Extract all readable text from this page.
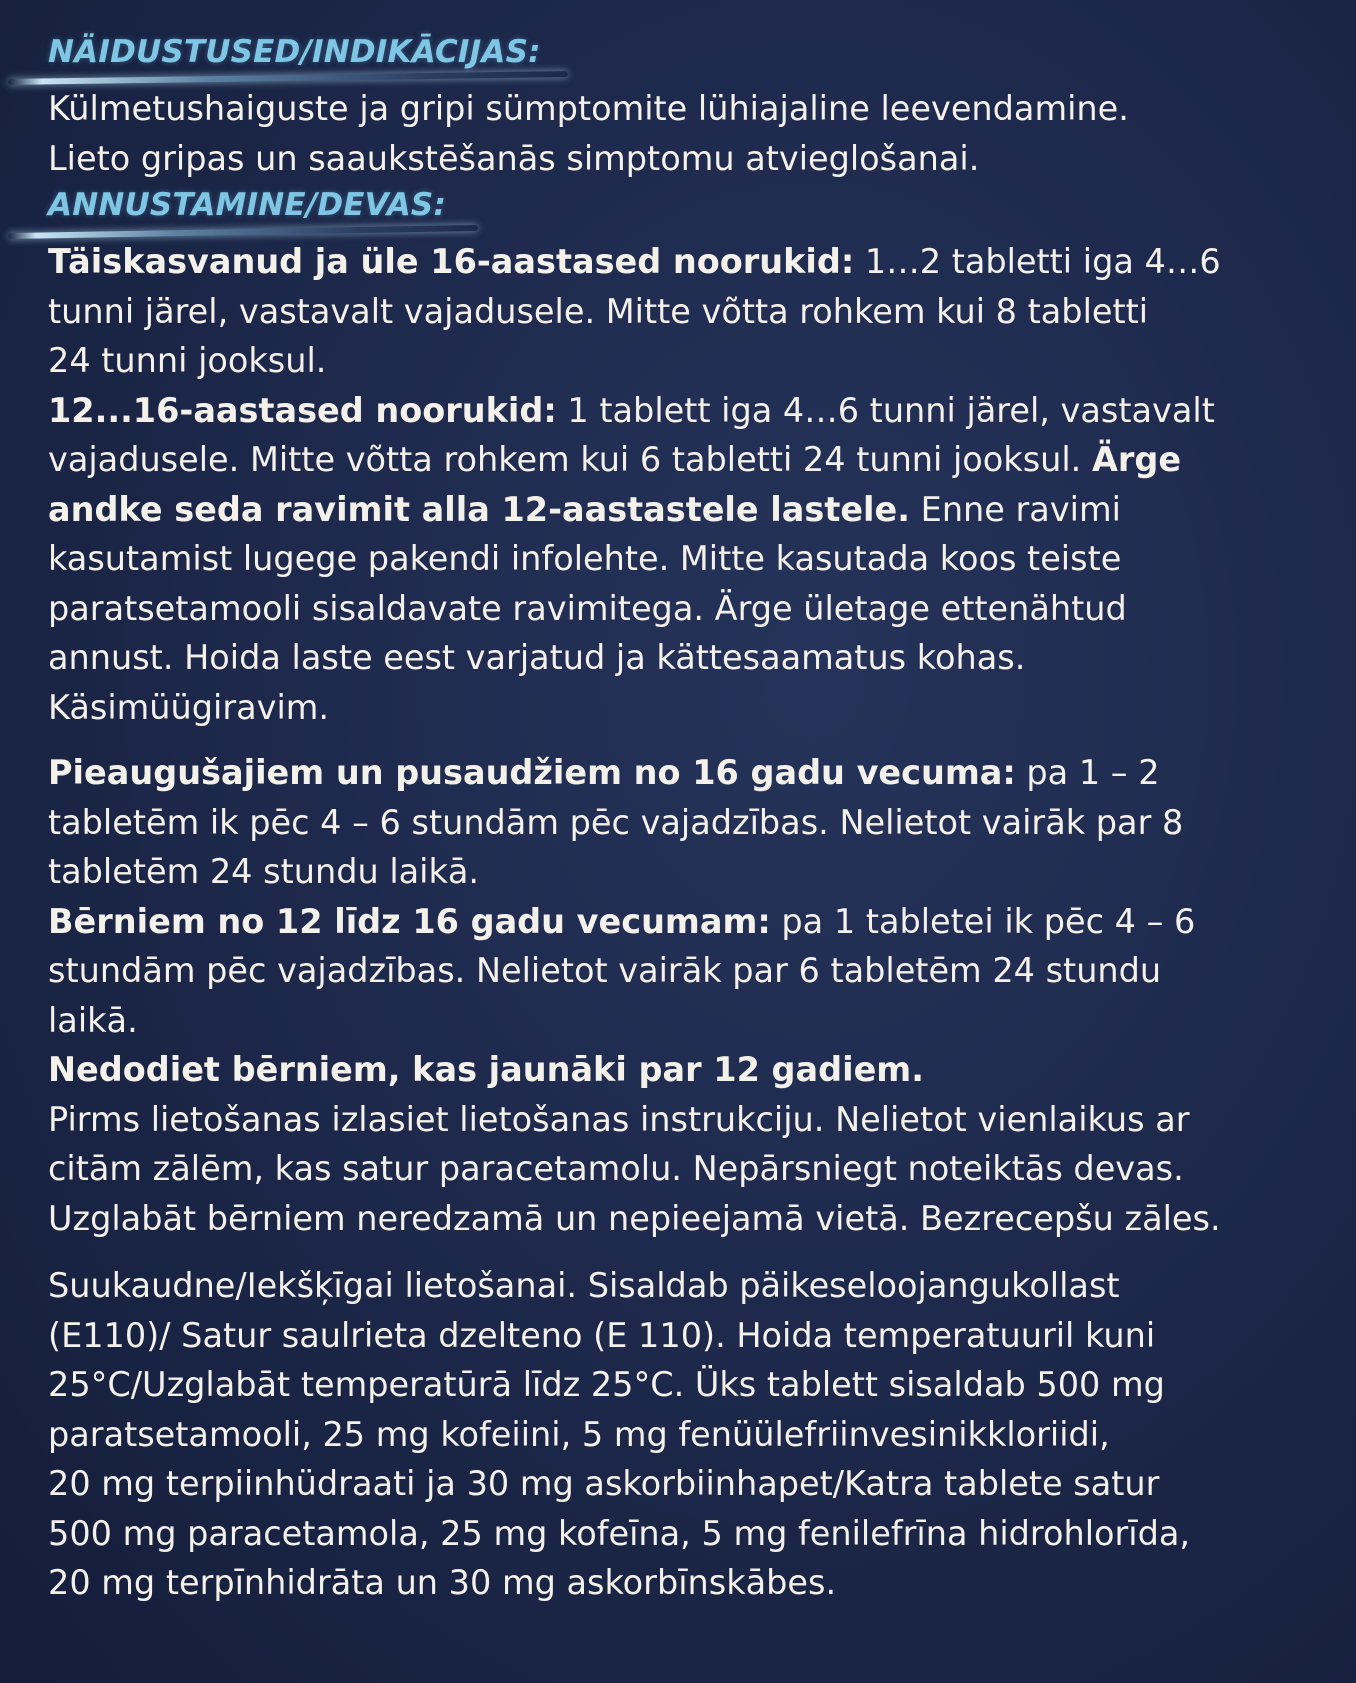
NÄIDUSTUSED/INDIKĀCIJAS:

Külmetushaiguste ja gripi sümptomite lühiajaline leevendamine.

Lieto gripas un saaukstēšanās simptomu atvieglošanai.

ANNUSTAMINE/DEVAS:

Täiskasvanud ja üle 16-aastased noorukid: 1…2 tabletti iga 4…6

tunni järel, vastavalt vajadusele. Mitte võtta rohkem kui 8 tabletti

24 tunni jooksul.

12...16-aastased noorukid: 1 tablett iga 4…6 tunni järel, vastavalt

vajadusele. Mitte võtta rohkem kui 6 tabletti 24 tunni jooksul. Ärge

andke seda ravimit alla 12-aastastele lastele. Enne ravimi

kasutamist lugege pakendi infolehte. Mitte kasutada koos teiste

paratsetamooli sisaldavate ravimitega. Ärge ületage ettenähtud

annust. Hoida laste eest varjatud ja kättesaamatus kohas.

Käsimüügiravim.

Pieaugušajiem un pusaudžiem no 16 gadu vecuma: pa 1 – 2

tabletēm ik pēc 4 – 6 stundām pēc vajadzības. Nelietot vairāk par 8

tabletēm 24 stundu laikā.

Bērniem no 12 līdz 16 gadu vecumam: pa 1 tabletei ik pēc 4 – 6

stundām pēc vajadzības. Nelietot vairāk par 6 tabletēm 24 stundu

laikā.

Nedodiet bērniem, kas jaunāki par 12 gadiem.

Pirms lietošanas izlasiet lietošanas instrukciju. Nelietot vienlaikus ar

citām zālēm, kas satur paracetamolu. Nepārsniegt noteiktās devas.

Uzglabāt bērniem neredzamā un nepieejamā vietā. Bezrecepšu zāles.

Suukaudne/Iekšķīgai lietošanai. Sisaldab päikeseloojangukollast

(E110)/ Satur saulrieta dzelteno (E 110). Hoida temperatuuril kuni

25°C/Uzglabāt temperatūrā līdz 25°C. Üks tablett sisaldab 500 mg

paratsetamooli, 25 mg kofeiini, 5 mg fenüülefriinvesinikkloriidi,

20 mg terpiinhüdraati ja 30 mg askorbiinhapet/Katra tablete satur

500 mg paracetamola, 25 mg kofeīna, 5 mg fenilefrīna hidrohlorīda,

20 mg terpīnhidrāta un 30 mg askorbīnskābes.
